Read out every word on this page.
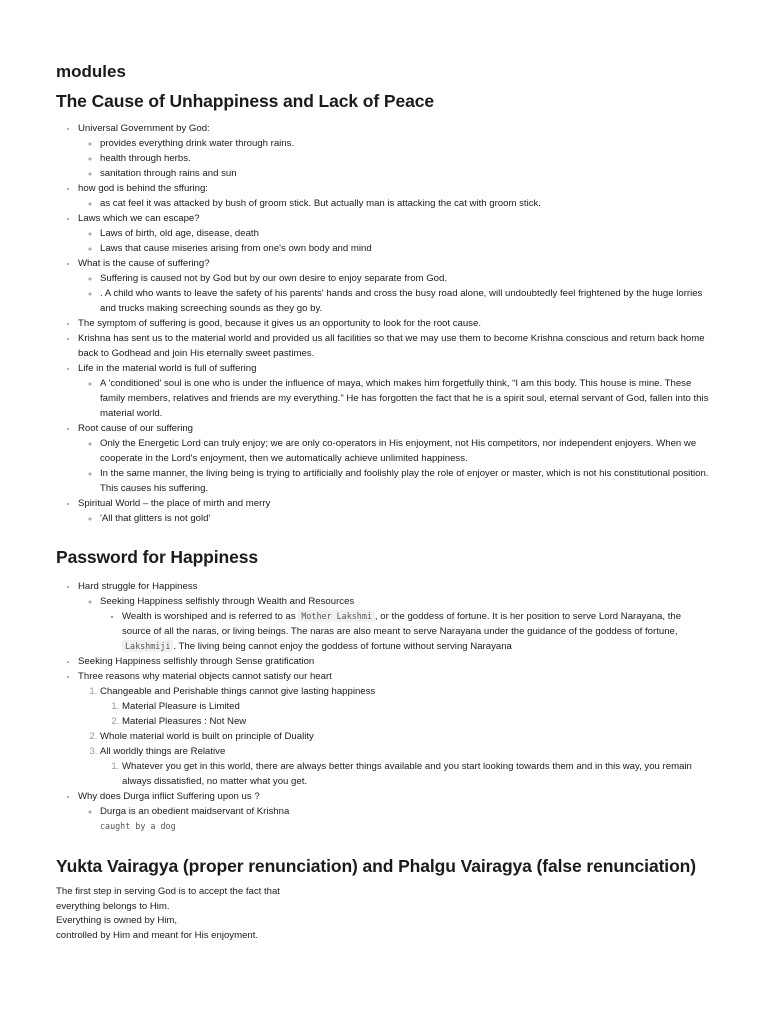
modules
The Cause of Unhappiness and Lack of Peace
• Universal Government by God:
◦ provides everything drink water through rains.
◦ health through herbs.
◦ sanitation through rains and sun
• how god is behind the sffuring:
◦ as cat feel it was attacked by bush of groom stick. But actually man is attacking the cat with groom stick.
• Laws which we can escape?
◦ Laws of birth, old age, disease, death
◦ Laws that cause miseries arising from one's own body and mind
• What is the cause of suffering?
◦ Suffering is caused not by God but by our own desire to enjoy separate from God.
◦ . A child who wants to leave the safety of his parents' hands and cross the busy road alone, will undoubtedly feel frightened by the huge lorries and trucks making screeching sounds as they go by.
• The symptom of suffering is good, because it gives us an opportunity to look for the root cause.
• Krishna has sent us to the material world and provided us all facilities so that we may use them to become Krishna conscious and return back home back to Godhead and join His eternally sweet pastimes.
• Life in the material world is full of suffering
◦ A 'conditioned' soul is one who is under the influence of maya, which makes him forgetfully think, “I am this body. This house is mine. These family members, relatives and friends are my everything.” He has forgotten the fact that he is a spirit soul, eternal servant of God, fallen into this material world.
• Root cause of our suffering
◦ Only the Energetic Lord can truly enjoy; we are only co-operators in His enjoyment, not His competitors, nor independent enjoyers. When we cooperate in the Lord's enjoyment, then we automatically achieve unlimited happiness.
◦ In the same manner, the living being is trying to artificially and foolishly play the role of enjoyer or master, which is not his constitutional position. This causes his suffering.
• Spiritual World – the place of mirth and merry
◦ 'All that glitters is not gold'
Password for Happiness
• Hard struggle for Happiness
◦ Seeking Happiness selfishly through Wealth and Resources
▪ Wealth is worshiped and is referred to as Mother Lakshmi , or the goddess of fortune. It is her position to serve Lord Narayana, the source of all the naras, or living beings. The naras are also meant to serve Narayana under the guidance of the goddess of fortune, Lakshmiji . The living being cannot enjoy the goddess of fortune without serving Narayana
• Seeking Happiness selfishly through Sense gratification
• Three reasons why material objects cannot satisfy our heart
1. Changeable and Perishable things cannot give lasting happiness
1. Material Pleasure is Limited
2. Material Pleasures : Not New
2. Whole material world is built on principle of Duality
3. All worldly things are Relative
1. Whatever you get in this world, there are always better things available and you start looking towards them and in this way, you remain always dissatisfied, no matter what you get.
• Why does Durga inflict Suffering upon us ?
◦ Durga is an obedient maidservant of Krishna
caught by a dog
Yukta Vairagya (proper renunciation) and Phalgu Vairagya (false renunciation)

The first step in serving God is to accept the fact that
everything belongs to Him.
Everything is owned by Him,
controlled by Him and meant for His enjoyment.
